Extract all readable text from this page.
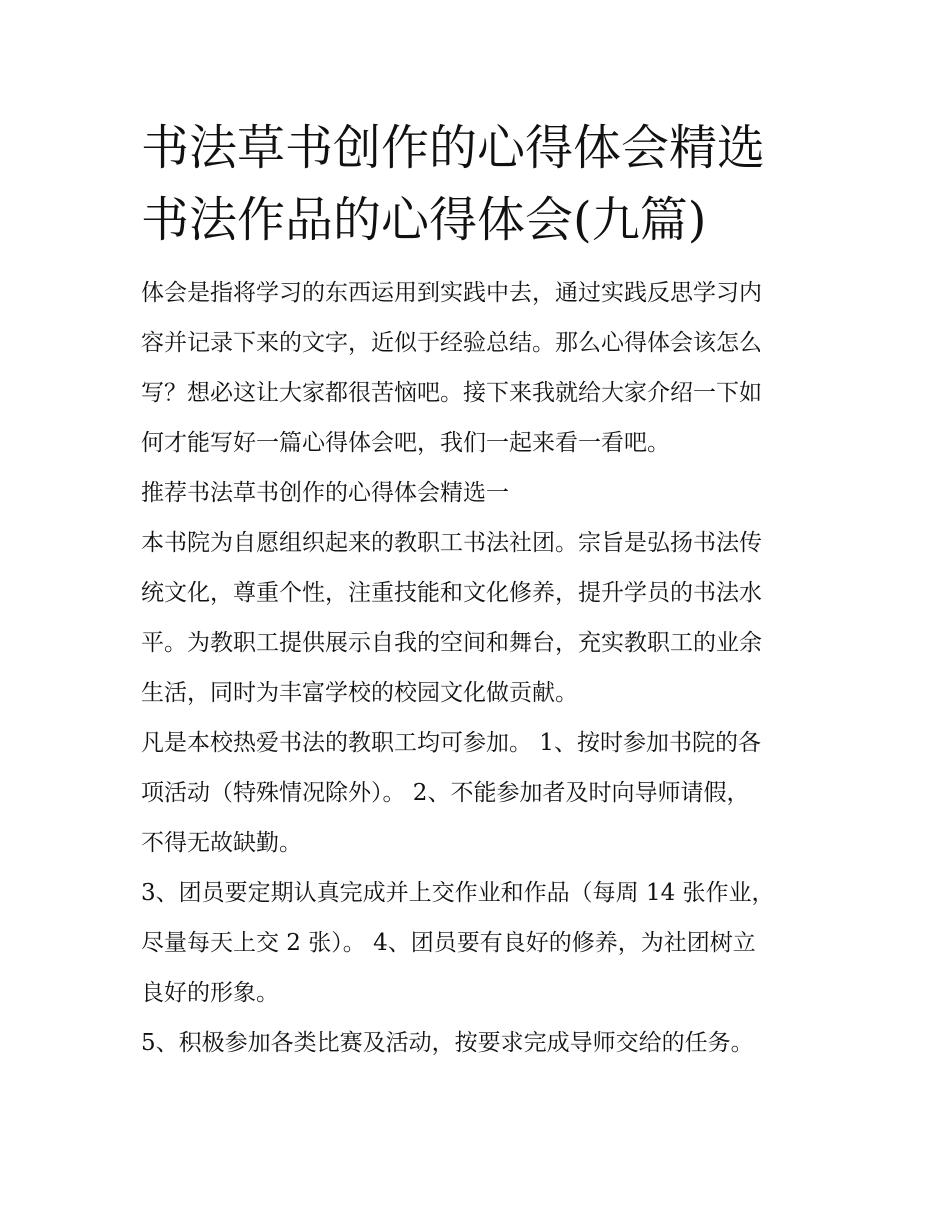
书法草书创作的心得体会精选
书法作品的心得体会(九篇)

体会是指将学习的东西运用到实践中去，通过实践反思学习内
容并记录下来的文字，近似于经验总结。那么心得体会该怎么
写？想必这让大家都很苦恼吧。接下来我就给大家介绍一下如
何才能写好一篇心得体会吧，我们一起来看一看吧。

推荐书法草书创作的心得体会精选一

本书院为自愿组织起来的教职工书法社团。宗旨是弘扬书法传
统文化，尊重个性，注重技能和文化修养，提升学员的书法水
平。为教职工提供展示自我的空间和舞台，充实教职工的业余
生活，同时为丰富学校的校园文化做贡献。

凡是本校热爱书法的教职工均可参加。 1、按时参加书院的各
项活动（特殊情况除外）。 2、不能参加者及时向导师请假，
不得无故缺勤。

3、团员要定期认真完成并上交作业和作品（每周 14 张作业，
尽量每天上交 2 张）。 4、团员要有良好的修养，为社团树立
良好的形象。

5、积极参加各类比赛及活动，按要求完成导师交给的任务。
